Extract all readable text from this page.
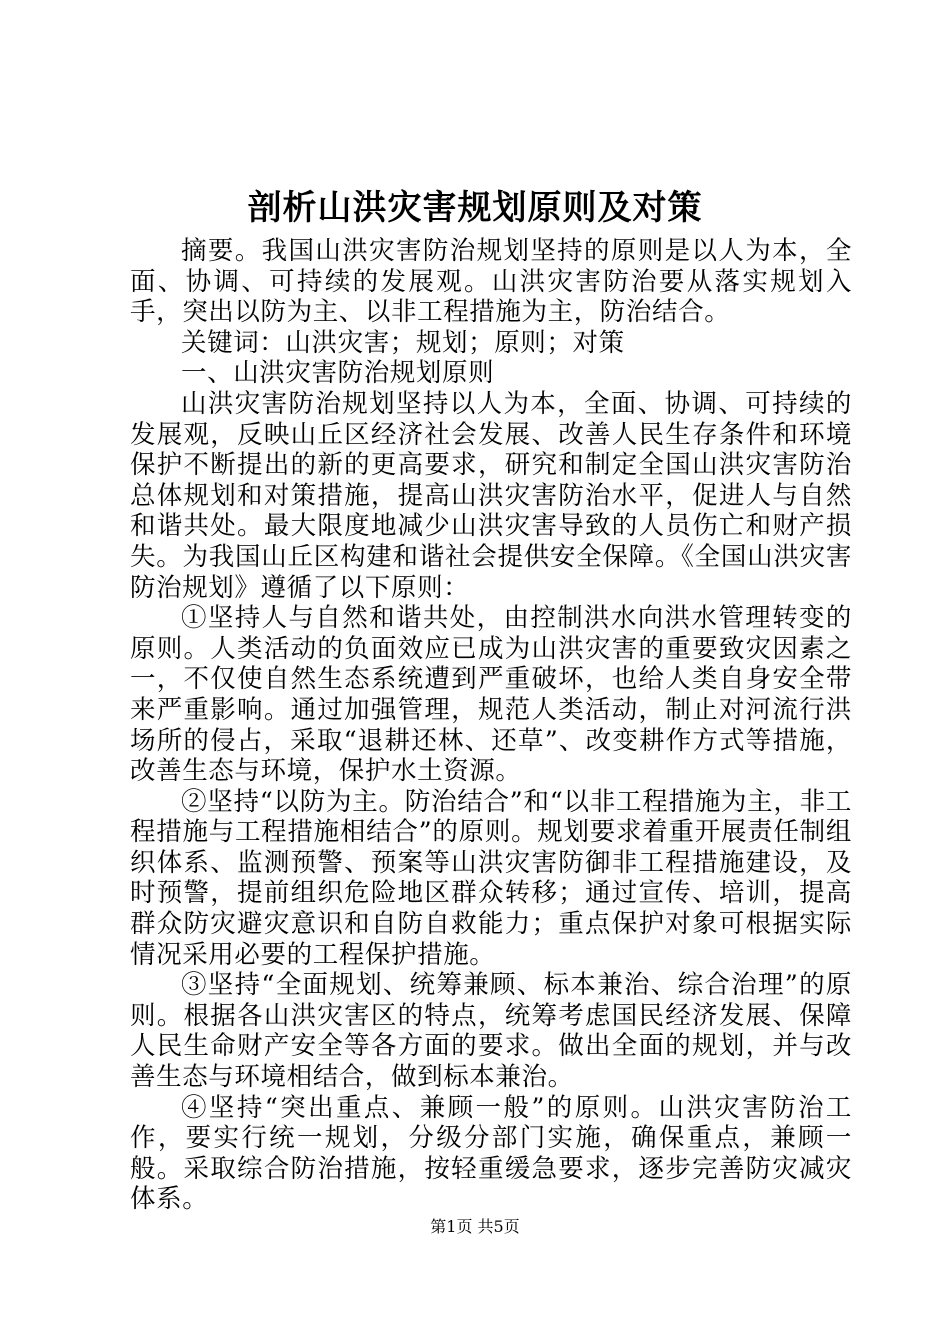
剖析山洪灾害规划原则及对策

摘要。我国山洪灾害防治规划坚持的原则是以人为本，全面、协调、可持续的发展观。山洪灾害防治要从落实规划入手，突出以防为主、以非工程措施为主，防治结合。

关键词：山洪灾害；规划；原则；对策

一、山洪灾害防治规划原则

山洪灾害防治规划坚持以人为本，全面、协调、可持续的发展观，反映山丘区经济社会发展、改善人民生存条件和环境保护不断提出的新的更高要求，研究和制定全国山洪灾害防治总体规划和对策措施，提高山洪灾害防治水平，促进人与自然和谐共处。最大限度地减少山洪灾害导致的人员伤亡和财产损失。为我国山丘区构建和谐社会提供安全保障。《全国山洪灾害防治规划》遵循了以下原则：

①坚持人与自然和谐共处，由控制洪水向洪水管理转变的原则。人类活动的负面效应已成为山洪灾害的重要致灾因素之一，不仅使自然生态系统遭到严重破坏，也给人类自身安全带来严重影响。通过加强管理，规范人类活动，制止对河流行洪场所的侵占，采取“退耕还林、还草”、改变耕作方式等措施，改善生态与环境，保护水土资源。

②坚持“以防为主。防治结合”和“以非工程措施为主，非工程措施与工程措施相结合”的原则。规划要求着重开展责任制组织体系、监测预警、预案等山洪灾害防御非工程措施建设，及时预警，提前组织危险地区群众转移；通过宣传、培训，提高群众防灾避灾意识和自防自救能力；重点保护对象可根据实际情况采用必要的工程保护措施。

③坚持“全面规划、统筹兼顾、标本兼治、综合治理”的原则。根据各山洪灾害区的特点，统筹考虑国民经济发展、保障人民生命财产安全等各方面的要求。做出全面的规划，并与改善生态与环境相结合，做到标本兼治。

④坚持“突出重点、兼顾一般”的原则。山洪灾害防治工作，要实行统一规划，分级分部门实施，确保重点，兼顾一般。采取综合防治措施，按轻重缓急要求，逐步完善防灾减灾体系。

第1页 共5页
